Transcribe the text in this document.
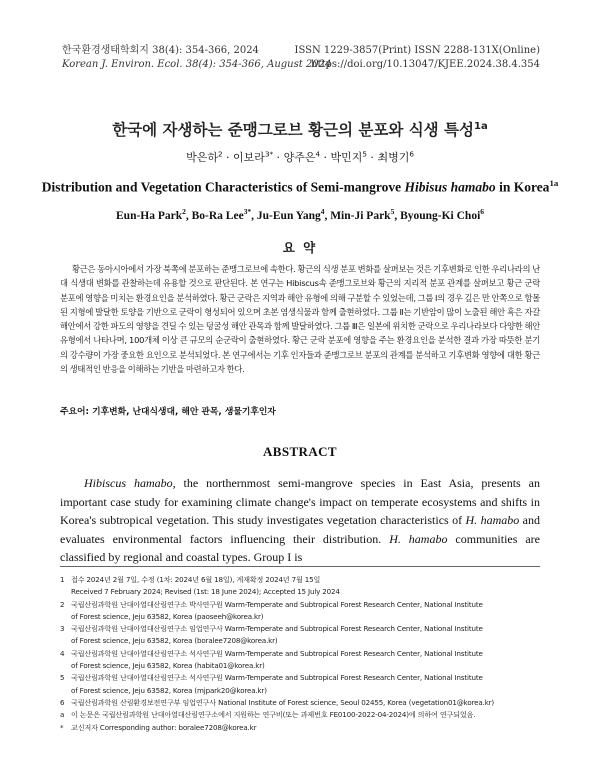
한국환경생태학회지 38(4): 354-366, 2024
Korean J. Environ. Ecol. 38(4): 354-366, August 2024
ISSN 1229-3857(Print) ISSN 2288-131X(Online)
https://doi.org/10.13047/KJEE.2024.38.4.354
한국에 자생하는 준맹그로브 황근의 분포와 식생 특성$^{1a}$
박은하$^2$ · 이보라$^{3*}$ · 양주은$^4$ · 박민지$^5$ · 최병기$^6$
Distribution and Vegetation Characteristics of Semi-mangrove Hibisus hamabo in Korea$^{1a}$
Eun-Ha Park$^2$, Bo-Ra Lee$^{3*}$, Ju-Eun Yang$^4$, Min-Ji Park$^5$, Byoung-Ki Choi$^6$
요 약

황근은 동아시아에서 가장 북쪽에 분포하는 준맹그로브에 속한다. 황근의 식생 분포 변화를 살펴보는 것은 기후변화로 인한 우리나라의 난대 식생대 변화를 관찰하는데 유용할 것으로 판단된다. 본 연구는 Hibiscus속 준맹그로브와 황근의 지리적 분포 관계를 살펴보고 황근 군락 분포에 영향을 미치는 환경요인을 분석하였다. 황근 군락은 지역과 해안 유형에 의해 구분할 수 있었는데, 그룹 Ⅰ의 경우 깊은 만 안쪽으로 함몰된 지형에 발달한 토양을 기반으로 군락이 형성되어 있으며 초본 염생식물과 함께 출현하였다. 그룹 Ⅱ는 기반암이 많이 노출된 해안 혹은 자갈 해안에서 강한 파도의 영향을 견딜 수 있는 덩굴성 해안 관목과 함께 발달하였다. 그룹 Ⅲ은 일본에 위치한 군락으로 우리나라보다 다양한 해안 유형에서 나타나며, 100개체 이상 큰 규모의 순군락이 출현하였다. 황근 군락 분포에 영향을 주는 환경요인을 분석한 결과 가장 따뜻한 분기의 강수량이 가장 중요한 요인으로 분석되었다. 본 연구에서는 기후 인자들과 준맹그로브 분포의 관계를 분석하고 기후변화 영향에 대한 황근의 생태적인 반응을 이해하는 기반을 마련하고자 한다.

주요어: 기후변화, 난대식생대, 해안 관목, 생물기후인자
ABSTRACT

Hibiscus hamabo, the northernmost semi-mangrove species in East Asia, presents an important case study for examining climate change's impact on temperate ecosystems and shifts in Korea's subtropical vegetation. This study investigates vegetation characteristics of H. hamabo and evaluates environmental factors influencing their distribution. H. hamabo communities are classified by regional and coastal types. Group I is

1 접수 2024년 2월 7일, 수정 (1차: 2024년 6월 18일), 게재확정 2024년 7월 15일
Received 7 February 2024; Revised (1st: 18 June 2024); Accepted 15 July 2024
2 국립산림과학원 난대아열대산림연구소 박사연구원 Warm-Temperate and Subtropical Forest Research Center, National Institute
of Forest science, Jeju 63582, Korea (paoseeh@korea.kr)
3 국립산림과학원 난대아열대산림연구소 임업연구사 Warm-Temperate and Subtropical Forest Research Center, National Institute
of Forest science, Jeju 63582, Korea (boralee7208@korea.kr)
4 국립산림과학원 난대아열대산림연구소 석사연구원 Warm-Temperate and Subtropical Forest Research Center, National Institute
of Forest science, Jeju 63582, Korea (habita01@korea.kr)
5 국립산림과학원 난대아열대산림연구소 석사연구원 Warm-Temperate and Subtropical Forest Research Center, National Institute
of Forest science, Jeju 63582, Korea (mjpark20@korea.kr)
6 국립산림과학원 산림환경보전연구부 임업연구사 National Institute of Forest science, Seoul 02455, Korea (vegetation01@korea.kr)
a 이 논문은 국립산림과학원 난대아열대산림연구소에서 지원하는 연구비(또는 과제번호 FE0100-2022-04-2024)에 의하여 연구되었음.
* 교신저자 Corresponding author: boralee7208@korea.kr
